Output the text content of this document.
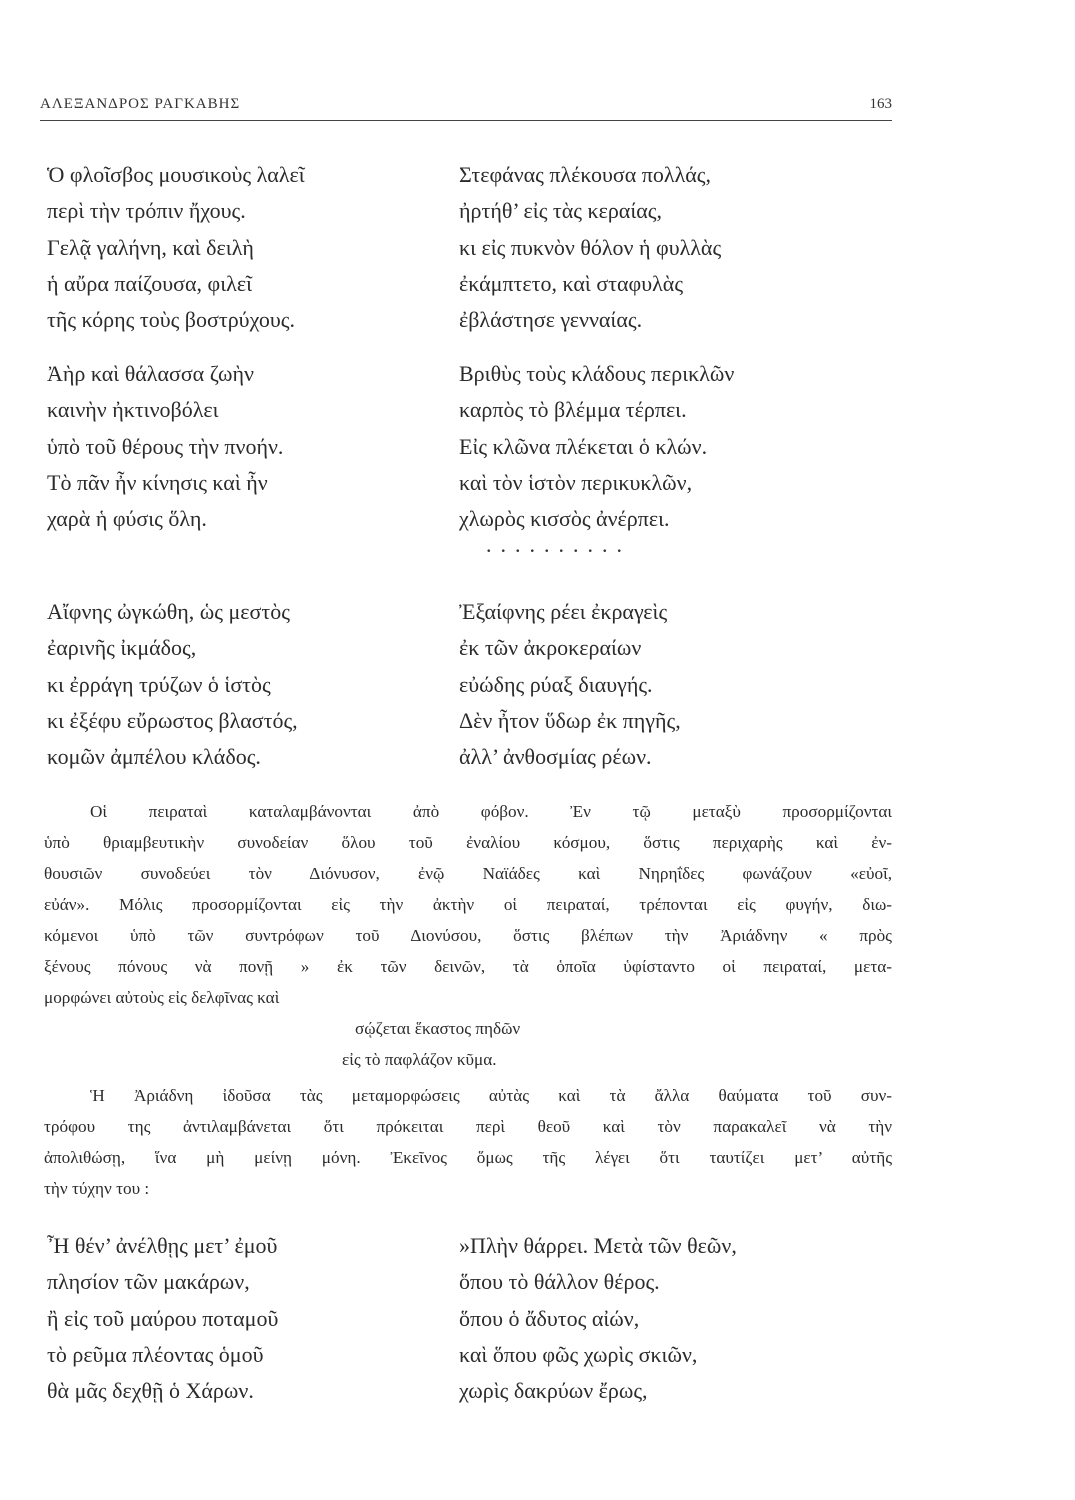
ΑΛΕΞΑΝΔΡΟΣ ΡΑΓΚΑΒΗΣ	163
Ὁ φλοῖσβος μουσικοὺς λαλεῖ
περὶ τὴν τρόπιν ἤχους.
Γελᾷ γαλήνη, καὶ δειλὴ
ἡ αὔρα παίζουσα, φιλεῖ
τῆς κόρης τοὺς βοστρύχους.
Στεφάνας πλέκουσα πολλάς,
ἠρτήθ’ εἰς τὰς κεραίας,
κι εἰς πυκνὸν θόλον ἡ φυλλὰς
ἐκάμπτετο, καὶ σταφυλὰς
ἐβλάστησε γενναίας.
Ἀὴρ καὶ θάλασσα ζωὴν
καινὴν ἠκτινοβόλει
ὑπὸ τοῦ θέρους τὴν πνοήν.
Τὸ πᾶν ἦν κίνησις καὶ ἦν
χαρὰ ἡ φύσις ὅλη.
Βριθὺς τοὺς κλάδους περικλῶν
καρπὸς τὸ βλέμμα τέρπει.
Εἰς κλῶνα πλέκεται ὁ κλών.
καὶ τὸν ἱστὸν περικυκλῶν,
χλωρὸς κισσὸς ἀνέρπει.
..........
Αἴφνης ὠγκώθη, ὡς μεστὸς
ἐαρινῆς ἰκμάδος,
κι ἐρράγη τρύζων ὁ ἱστὸς
κι ἐξέφυ εὔρωστος βλαστός,
κομῶν ἀμπέλου κλάδος.
Ἐξαίφνης ρέει ἐκραγεὶς
ἐκ τῶν ἀκροκεραίων
εὐώδης ρύαξ διαυγής.
Δὲν ἦτον ὕδωρ ἐκ πηγῆς,
ἀλλ’ ἀνθοσμίας ρέων.
Οἱ πειραταὶ καταλαμβάνονται ἀπὸ φόβον. Ἐν τῷ μεταξὺ προσορμίζονται
ὑπὸ θριαμβευτικὴν συνοδείαν ὅλου τοῦ ἐναλίου κόσμου, ὅστις περιχαρὴς καὶ ἐν-
θουσιῶν συνοδεύει τὸν Διόνυσον, ἐνῷ Ναϊάδες καὶ Νηρηΐδες φωνάζουν «εὐοῖ,
εὐάν». Μόλις προσορμίζονται εἰς τὴν ἀκτὴν οἱ πειραταί, τρέπονται εἰς φυγήν, διω-
κόμενοι ὑπὸ τῶν συντρόφων τοῦ Διονύσου, ὅστις βλέπων τὴν Ἀριάδνην « πρὸς
ξένους πόνους νὰ πονῇ » ἐκ τῶν δεινῶν, τὰ ὁποῖα ὑφίσταντο οἱ πειραταί, μετα-
μορφώνει αὐτοὺς εἰς δελφῖνας καὶ
σῴζεται ἕκαστος πηδῶν
εἰς τὸ παφλάζον κῦμα.
Ἡ Ἀριάδνη ἰδοῦσα τὰς μεταμορφώσεις αὐτὰς καὶ τὰ ἄλλα θαύματα τοῦ συν-
τρόφου της ἀντιλαμβάνεται ὅτι πρόκειται περὶ θεοῦ καὶ τὸν παρακαλεῖ νὰ τὴν
ἀπολιθώσῃ, ἵνα μὴ μείνῃ μόνη. Ἐκεῖνος ὅμως τῆς λέγει ὅτι ταυτίζει μετ’ αὐτῆς
τὴν τύχην του :
Ἦ θέν’ ἀνέλθῃς μετ’ ἐμοῦ
πλησίον τῶν μακάρων,
ἢ εἰς τοῦ μαύρου ποταμοῦ
τὸ ρεῦμα πλέοντας ὁμοῦ
θὰ μᾶς δεχθῇ ὁ Χάρων.
»Πλὴν θάρρει. Μετὰ τῶν θεῶν,
ὅπου τὸ θάλλον θέρος.
ὅπου ὁ ἄδυτος αἰών,
καὶ ὅπου φῶς χωρὶς σκιῶν,
χωρὶς δακρύων ἔρως,
